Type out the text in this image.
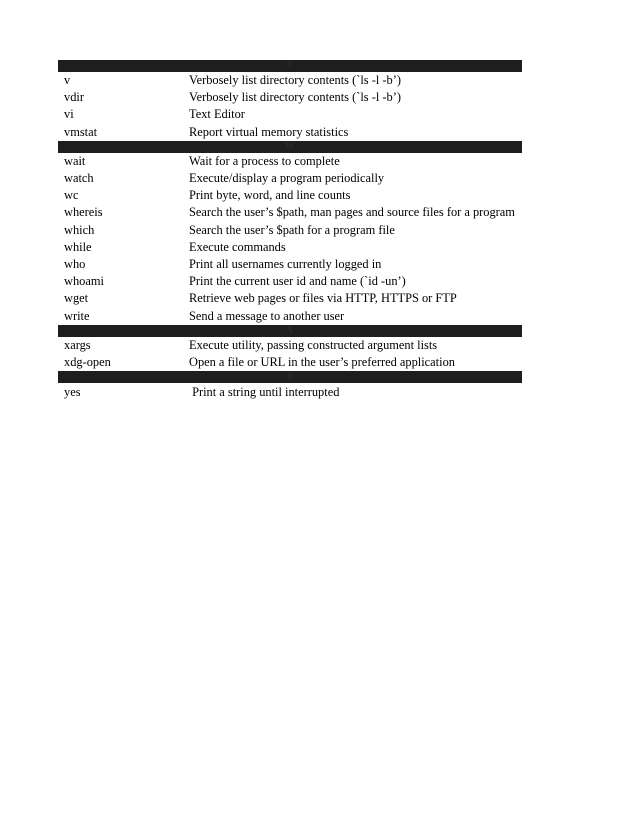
V
v	Verbosely list directory contents (`ls -l -b’)
vdir	Verbosely list directory contents (`ls -l -b’)
vi	Text Editor
vmstat	Report virtual memory statistics
W
wait	Wait for a process to complete
watch	Execute/display a program periodically
wc	Print byte, word, and line counts
whereis	Search the user’s $path, man pages and source files for a program
which	Search the user’s $path for a program file
while	Execute commands
who	Print all usernames currently logged in
whoami	Print the current user id and name (`id -un’)
wget	Retrieve web pages or files via HTTP, HTTPS or FTP
write	Send a message to another user
X
xargs	Execute utility, passing constructed argument lists
xdg-open	Open a file or URL in the user’s preferred application
Y
yes	Print a string until interrupted
